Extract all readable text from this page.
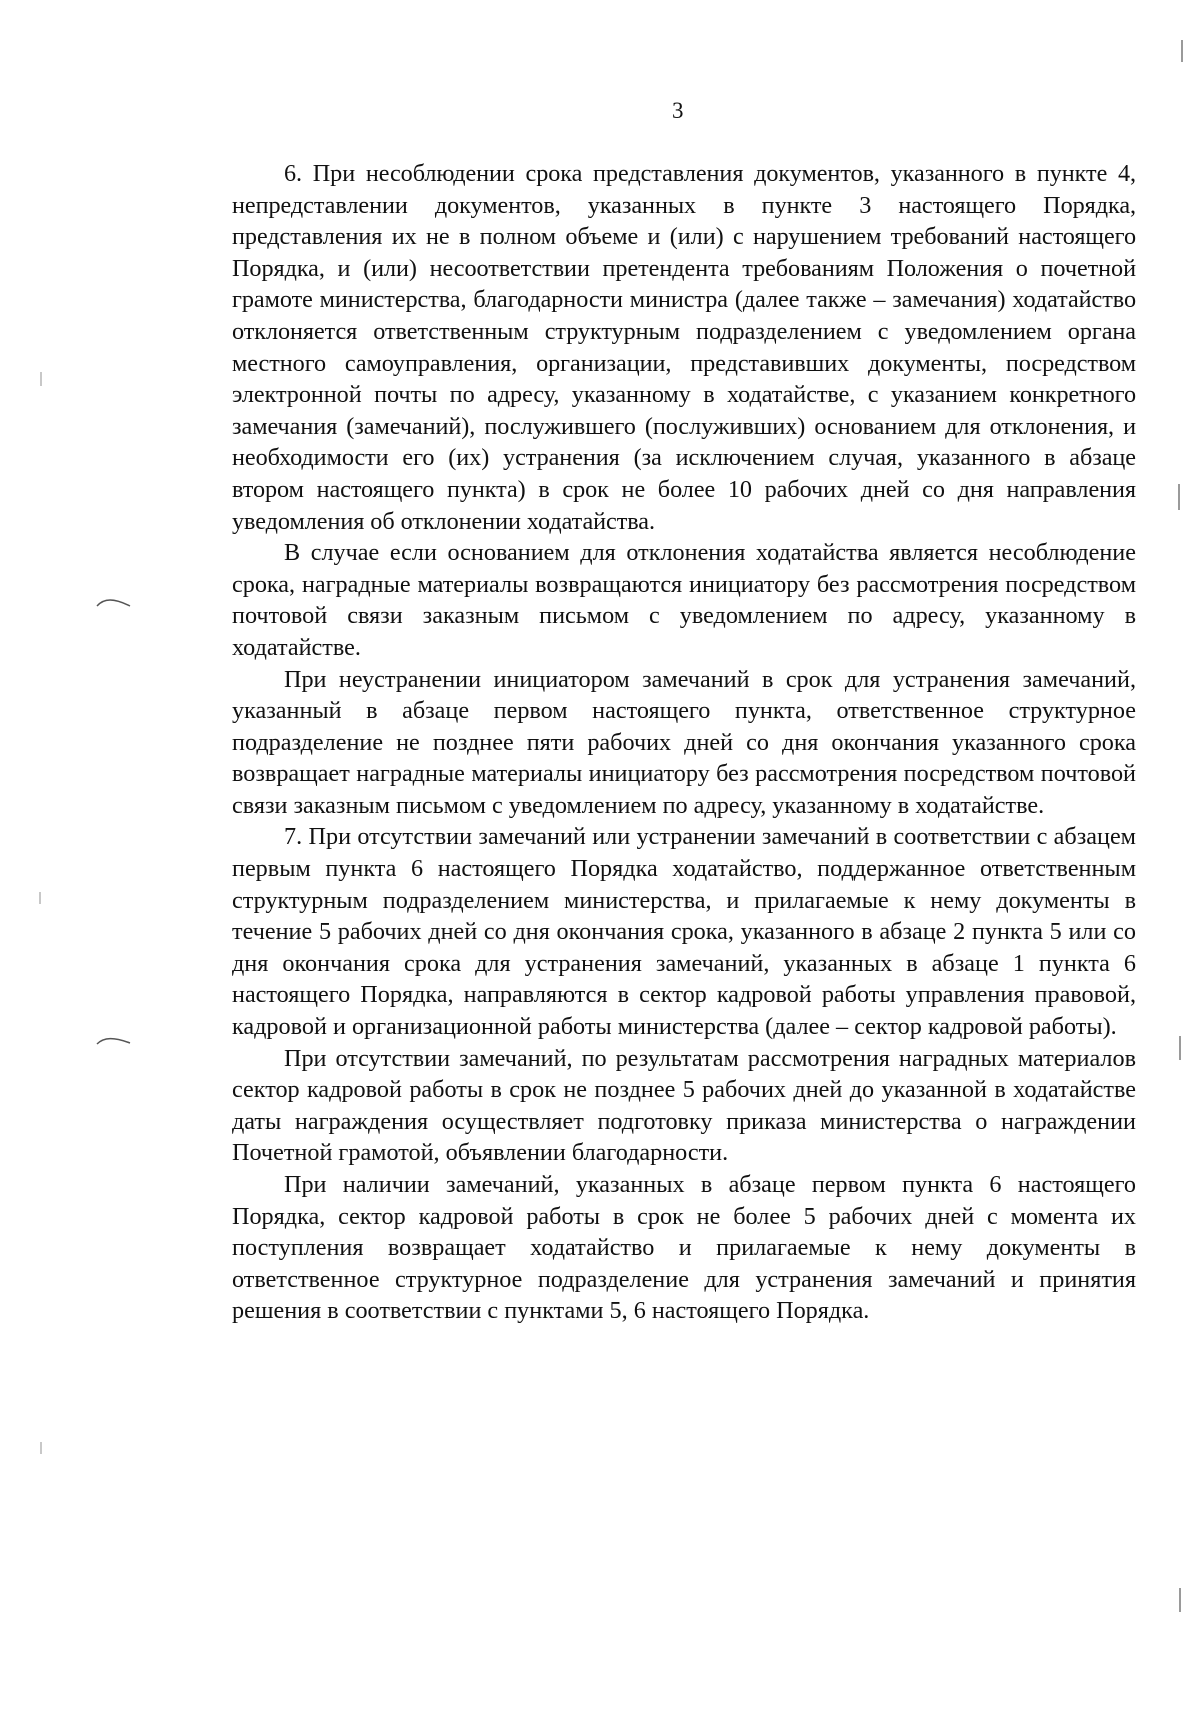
3

6. При несоблюдении срока представления документов, указанного в пункте 4, непредставлении документов, указанных в пункте 3 настоящего Порядка, представления их не в полном объеме и (или) с нарушением требований настоящего Порядка, и (или) несоответствии претендента требованиям Положения о почетной грамоте министерства, благодарности министра (далее также – замечания) ходатайство отклоняется ответственным структурным подразделением с уведомлением органа местного самоуправления, организации, представивших документы, посредством электронной почты по адресу, указанному в ходатайстве, с указанием конкретного замечания (замечаний), послужившего (послуживших) основанием для отклонения, и необходимости его (их) устранения (за исключением случая, указанного в абзаце втором настоящего пункта) в срок не более 10 рабочих дней со дня направления уведомления об отклонении ходатайства.

В случае если основанием для отклонения ходатайства является несоблюдение срока, наградные материалы возвращаются инициатору без рассмотрения посредством почтовой связи заказным письмом с уведомлением по адресу, указанному в ходатайстве.

При неустранении инициатором замечаний в срок для устранения замечаний, указанный в абзаце первом настоящего пункта, ответственное структурное подразделение не позднее пяти рабочих дней со дня окончания указанного срока возвращает наградные материалы инициатору без рассмотрения посредством почтовой связи заказным письмом с уведомлением по адресу, указанному в ходатайстве.

7. При отсутствии замечаний или устранении замечаний в соответствии с абзацем первым пункта 6 настоящего Порядка ходатайство, поддержанное ответственным структурным подразделением министерства, и прилагаемые к нему документы в течение 5 рабочих дней со дня окончания срока, указанного в абзаце 2 пункта 5 или со дня окончания срока для устранения замечаний, указанных в абзаце 1 пункта 6 настоящего Порядка, направляются в сектор кадровой работы управления правовой, кадровой и организационной работы министерства (далее – сектор кадровой работы).

При отсутствии замечаний, по результатам рассмотрения наградных материалов сектор кадровой работы в срок не позднее 5 рабочих дней до указанной в ходатайстве даты награждения осуществляет подготовку приказа министерства о награждении Почетной грамотой, объявлении благодарности.

При наличии замечаний, указанных в абзаце первом пункта 6 настоящего Порядка, сектор кадровой работы в срок не более 5 рабочих дней с момента их поступления возвращает ходатайство и прилагаемые к нему документы в ответственное структурное подразделение для устранения замечаний и принятия решения в соответствии с пунктами 5, 6 настоящего Порядка.
